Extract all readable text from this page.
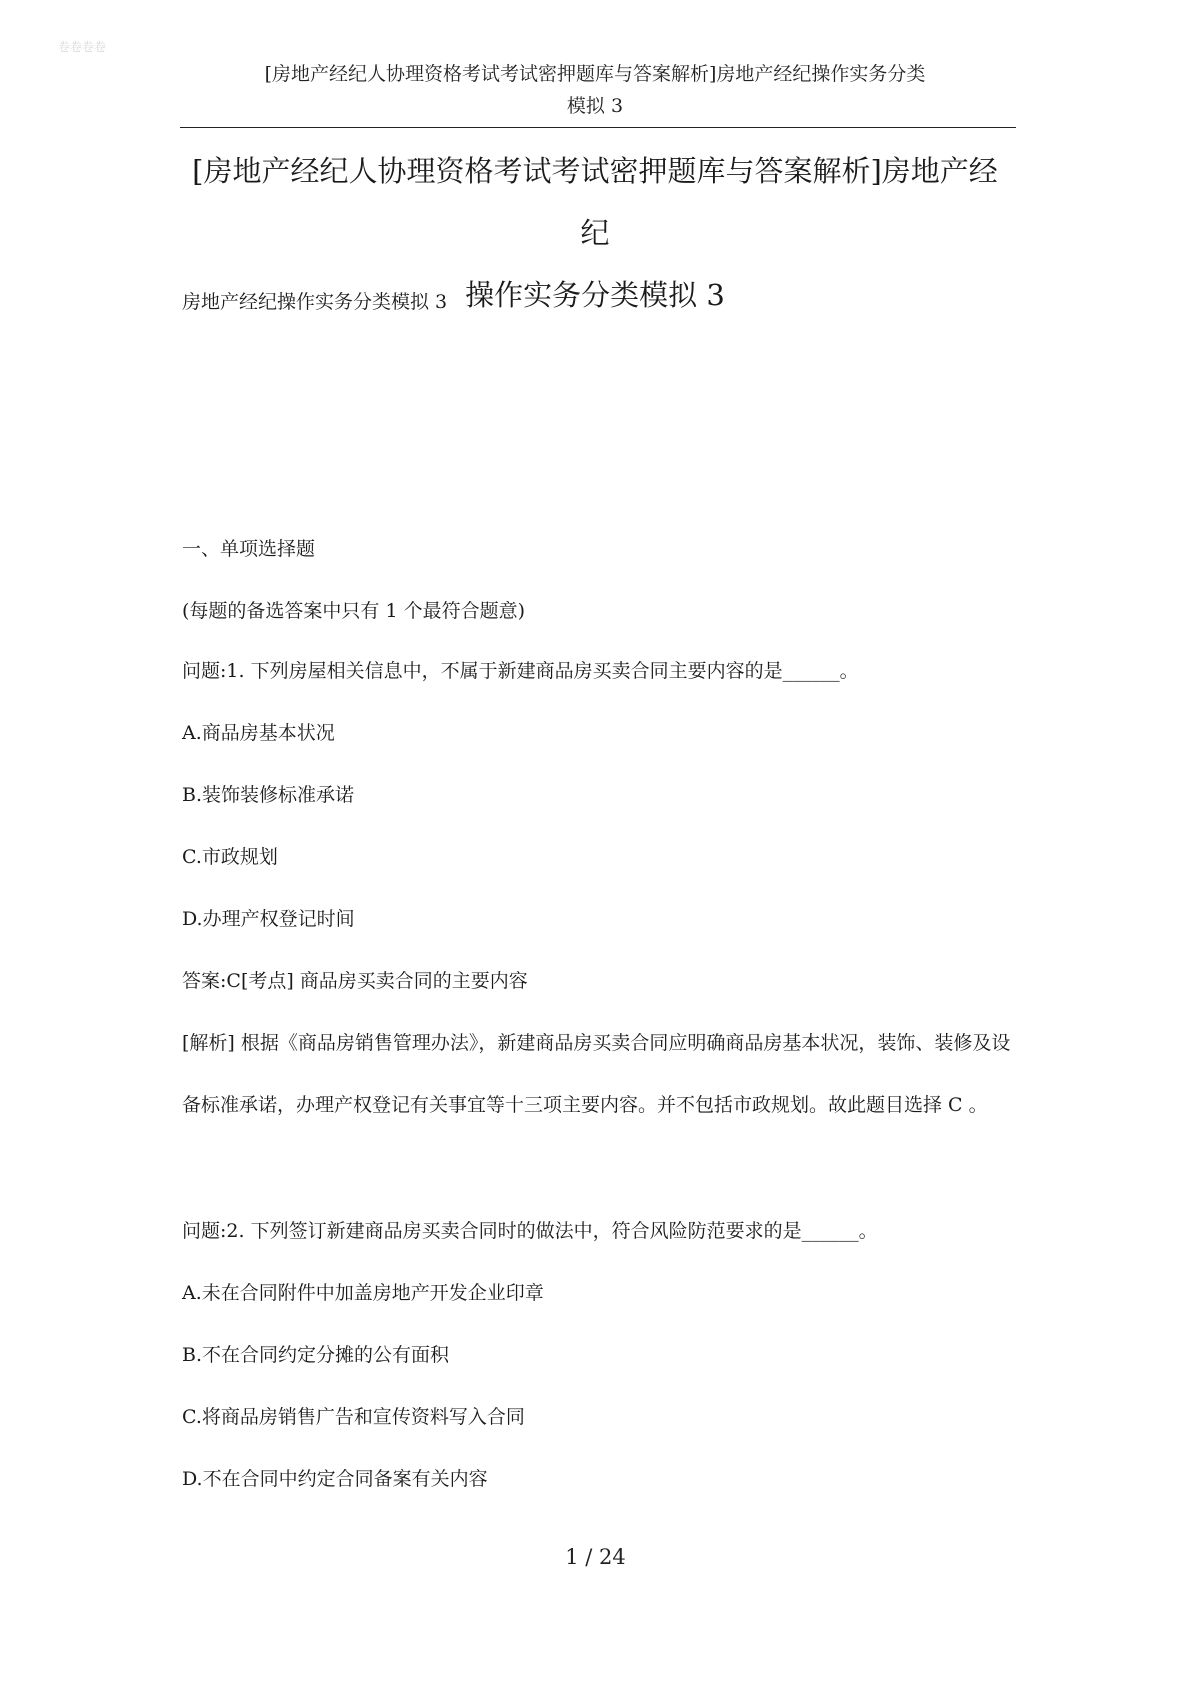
卷卷卷卷
[房地产经纪人协理资格考试考试密押题库与答案解析]房地产经纪操作实务分类
模拟 3
[房地产经纪人协理资格考试考试密押题库与答案解析]房地产经纪
操作实务分类模拟 3
房地产经纪操作实务分类模拟 3
一、单项选择题
(每题的备选答案中只有 1 个最符合题意)
问题:1. 下列房屋相关信息中，不属于新建商品房买卖合同主要内容的是______。
A.商品房基本状况
B.装饰装修标准承诺
C.市政规划
D.办理产权登记时间
答案:C[考点] 商品房买卖合同的主要内容
[解析] 根据《商品房销售管理办法》，新建商品房买卖合同应明确商品房基本状况，装饰、装修及设备标准承诺，办理产权登记有关事宜等十三项主要内容。并不包括市政规划。故此题目选择 C 。
问题:2. 下列签订新建商品房买卖合同时的做法中，符合风险防范要求的是______。
A.未在合同附件中加盖房地产开发企业印章
B.不在合同约定分摊的公有面积
C.将商品房销售广告和宣传资料写入合同
D.不在合同中约定合同备案有关内容
1 / 24
